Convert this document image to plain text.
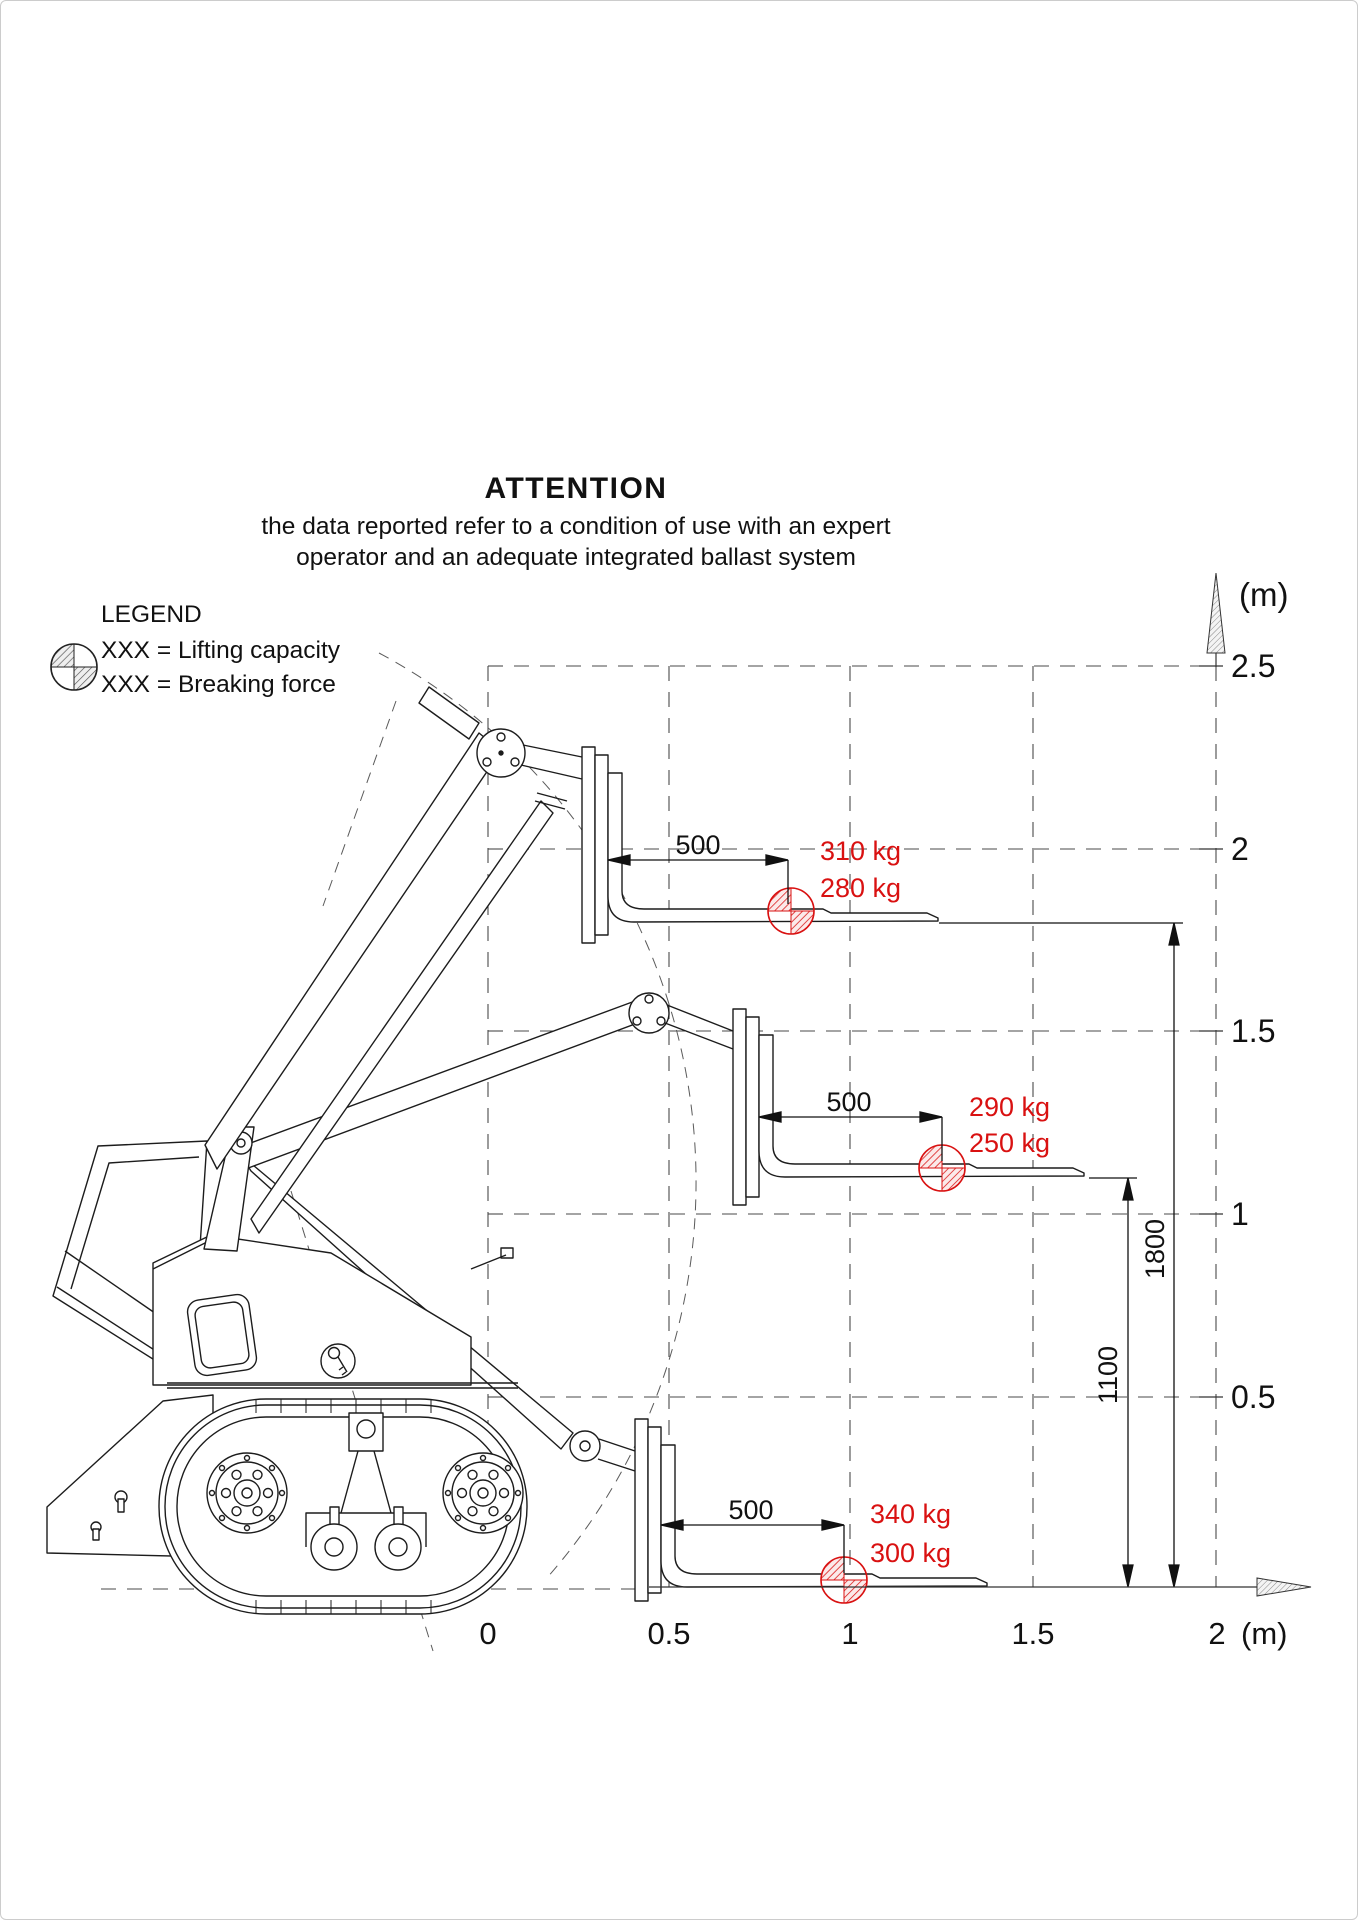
ATTENTION
the data reported refer to a condition of use with an expert
operator and an adequate integrated ballast system
LEGEND
XXX = Lifting capacity
XXX = Breaking force
(m)
2.5
2
1.5
1
0.5
0	0.5	1	1.5	2 (m)
500
500
500
1800
1100
310 kg
280 kg
290 kg
250 kg
340 kg
300 kg
